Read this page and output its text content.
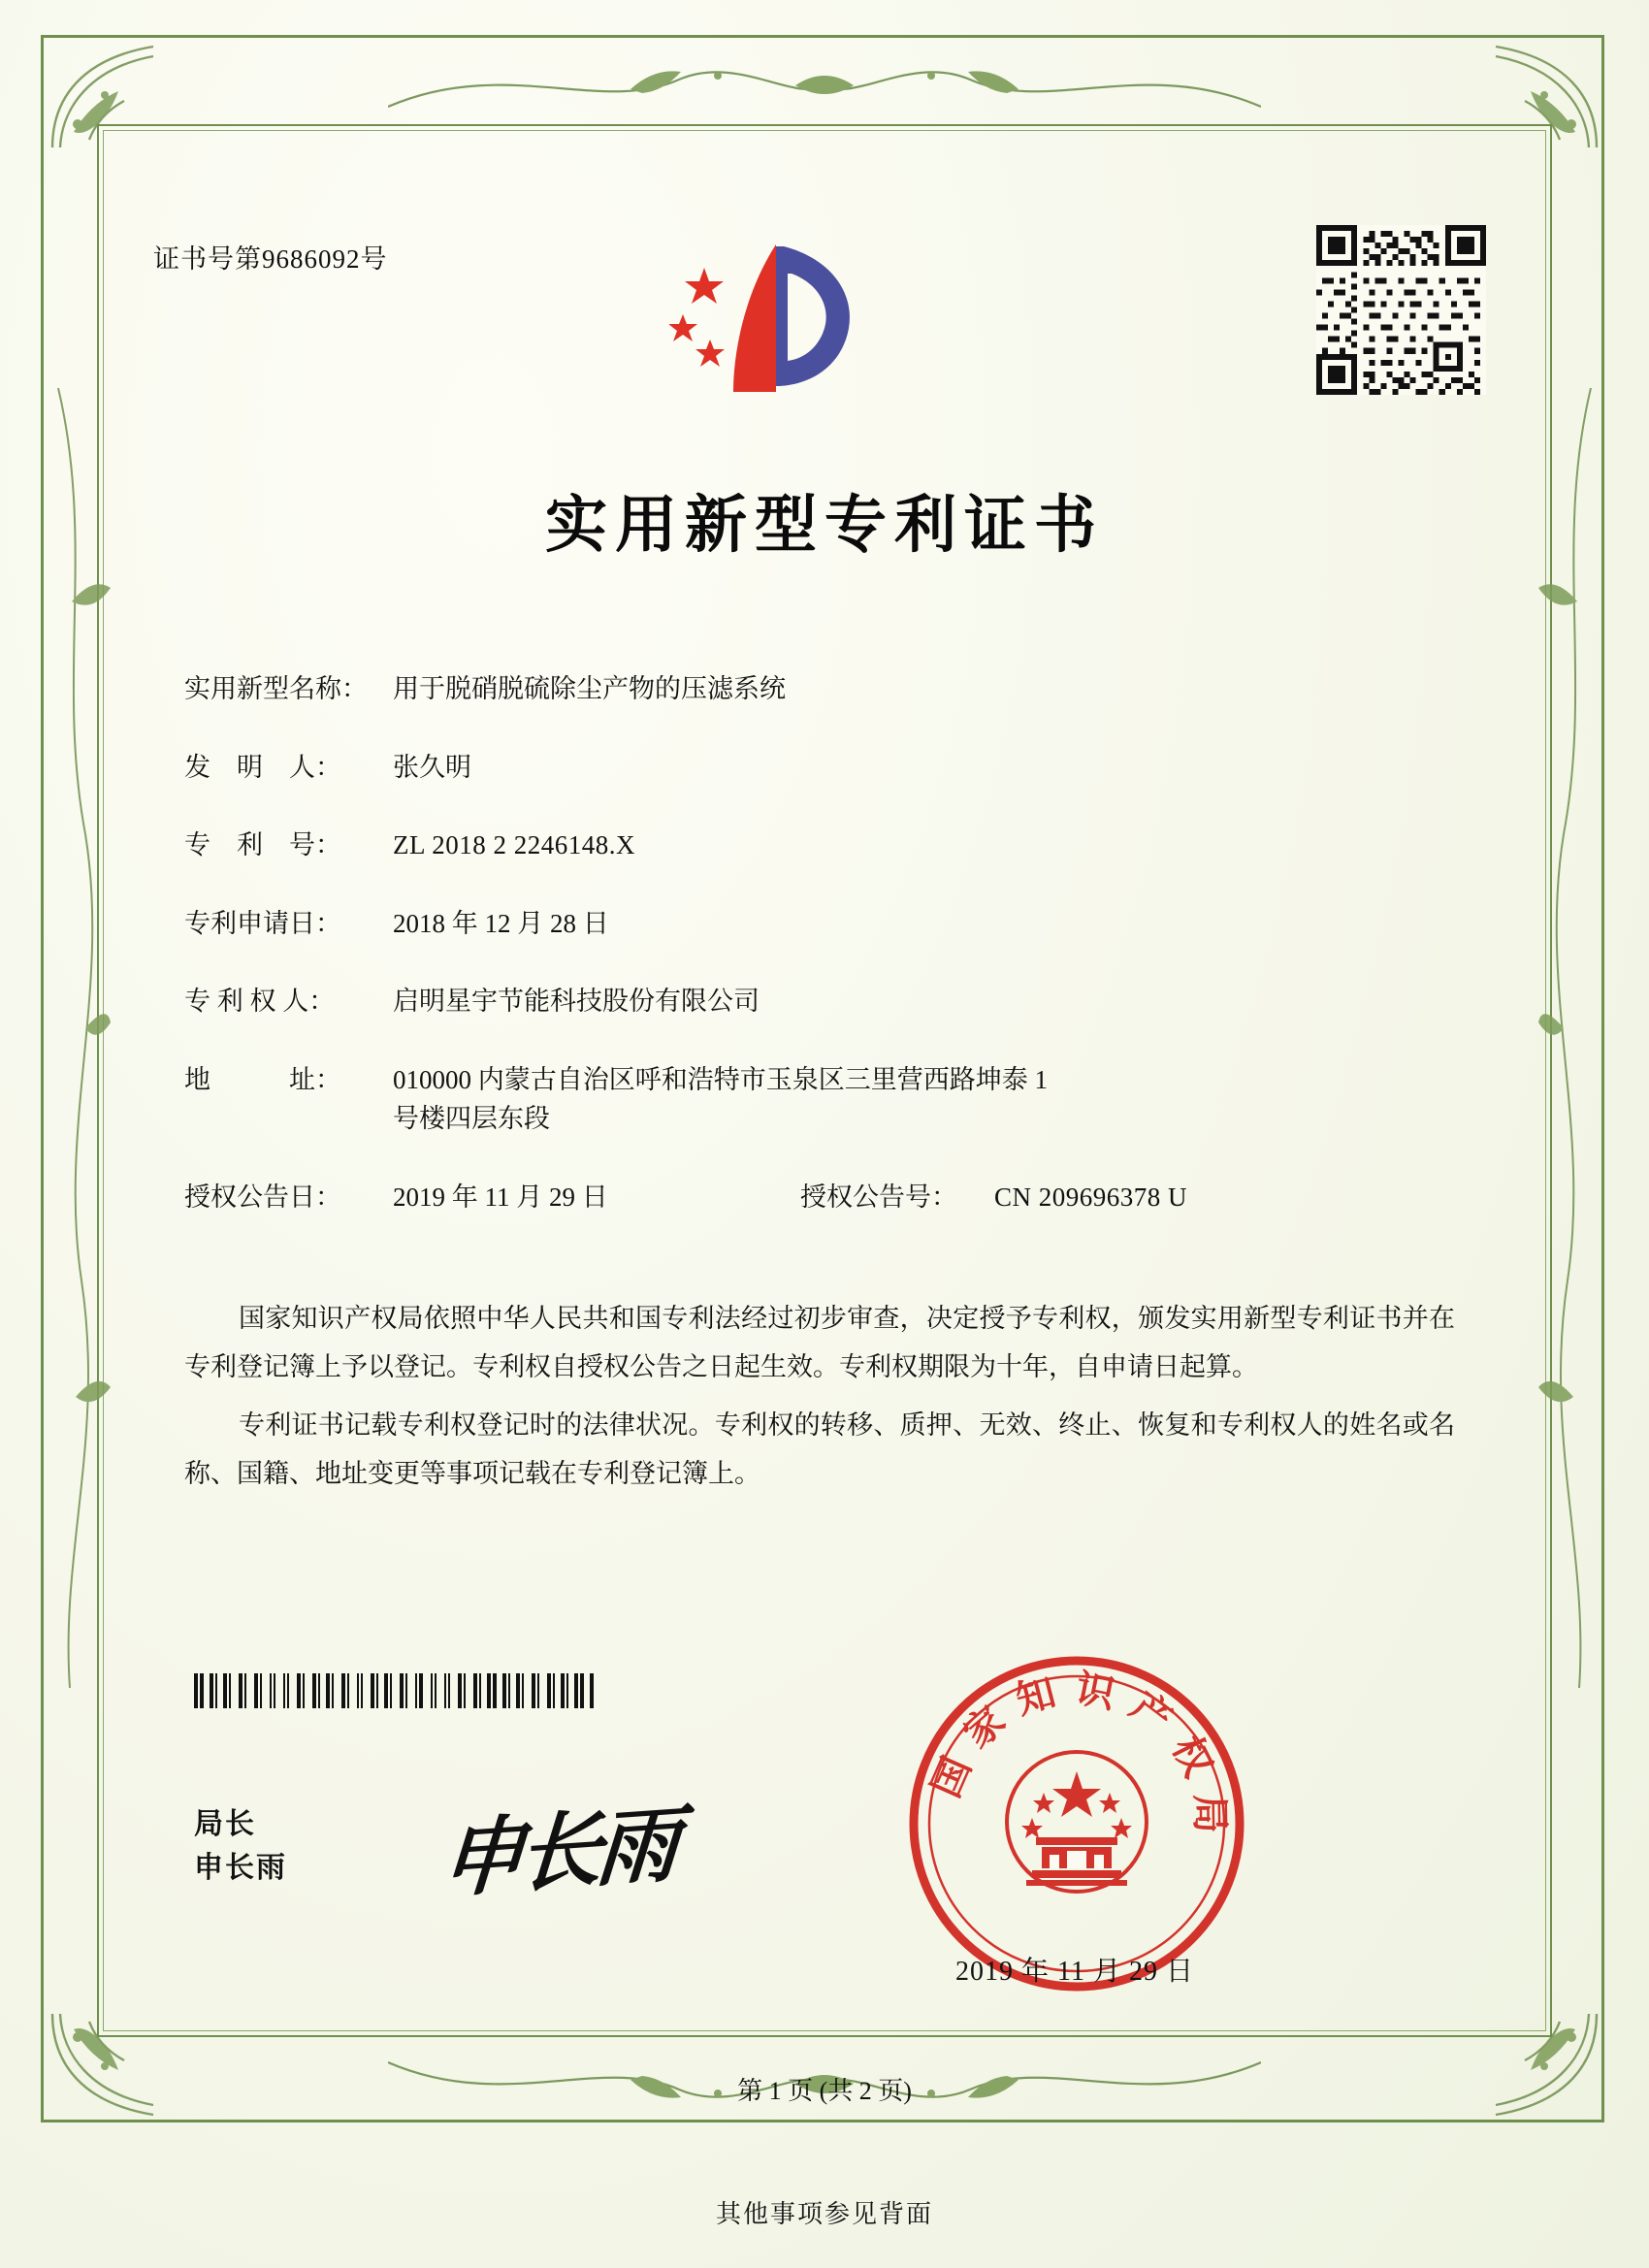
证书号第9686092号
实用新型专利证书
实用新型名称： 用于脱硝脱硫除尘产物的压滤系统
发　明　人：	张久明
专　利　号：	ZL 2018 2 2246148.X
专利申请日：	2018 年 12 月 28 日
专 利 权 人：	启明星宇节能科技股份有限公司
地　　　址：	010000 内蒙古自治区呼和浩特市玉泉区三里营西路坤泰 1
号楼四层东段
授权公告日：	2019 年 11 月 29 日	授权公告号：	CN 209696378 U

国家知识产权局依照中华人民共和国专利法经过初步审查，决定授予专利权，颁发实用新型专利证书并在专利登记簿上予以登记。专利权自授权公告之日起生效。专利权期限为十年，自申请日起算。

专利证书记载专利权登记时的法律状况。专利权的转移、质押、无效、终止、恢复和专利权人的姓名或名称、国籍、地址变更等事项记载在专利登记簿上。

局长
申长雨 申长雨
国家知识产权局
2019 年 11 月 29 日
第 1 页 (共 2 页)
其他事项参见背面
